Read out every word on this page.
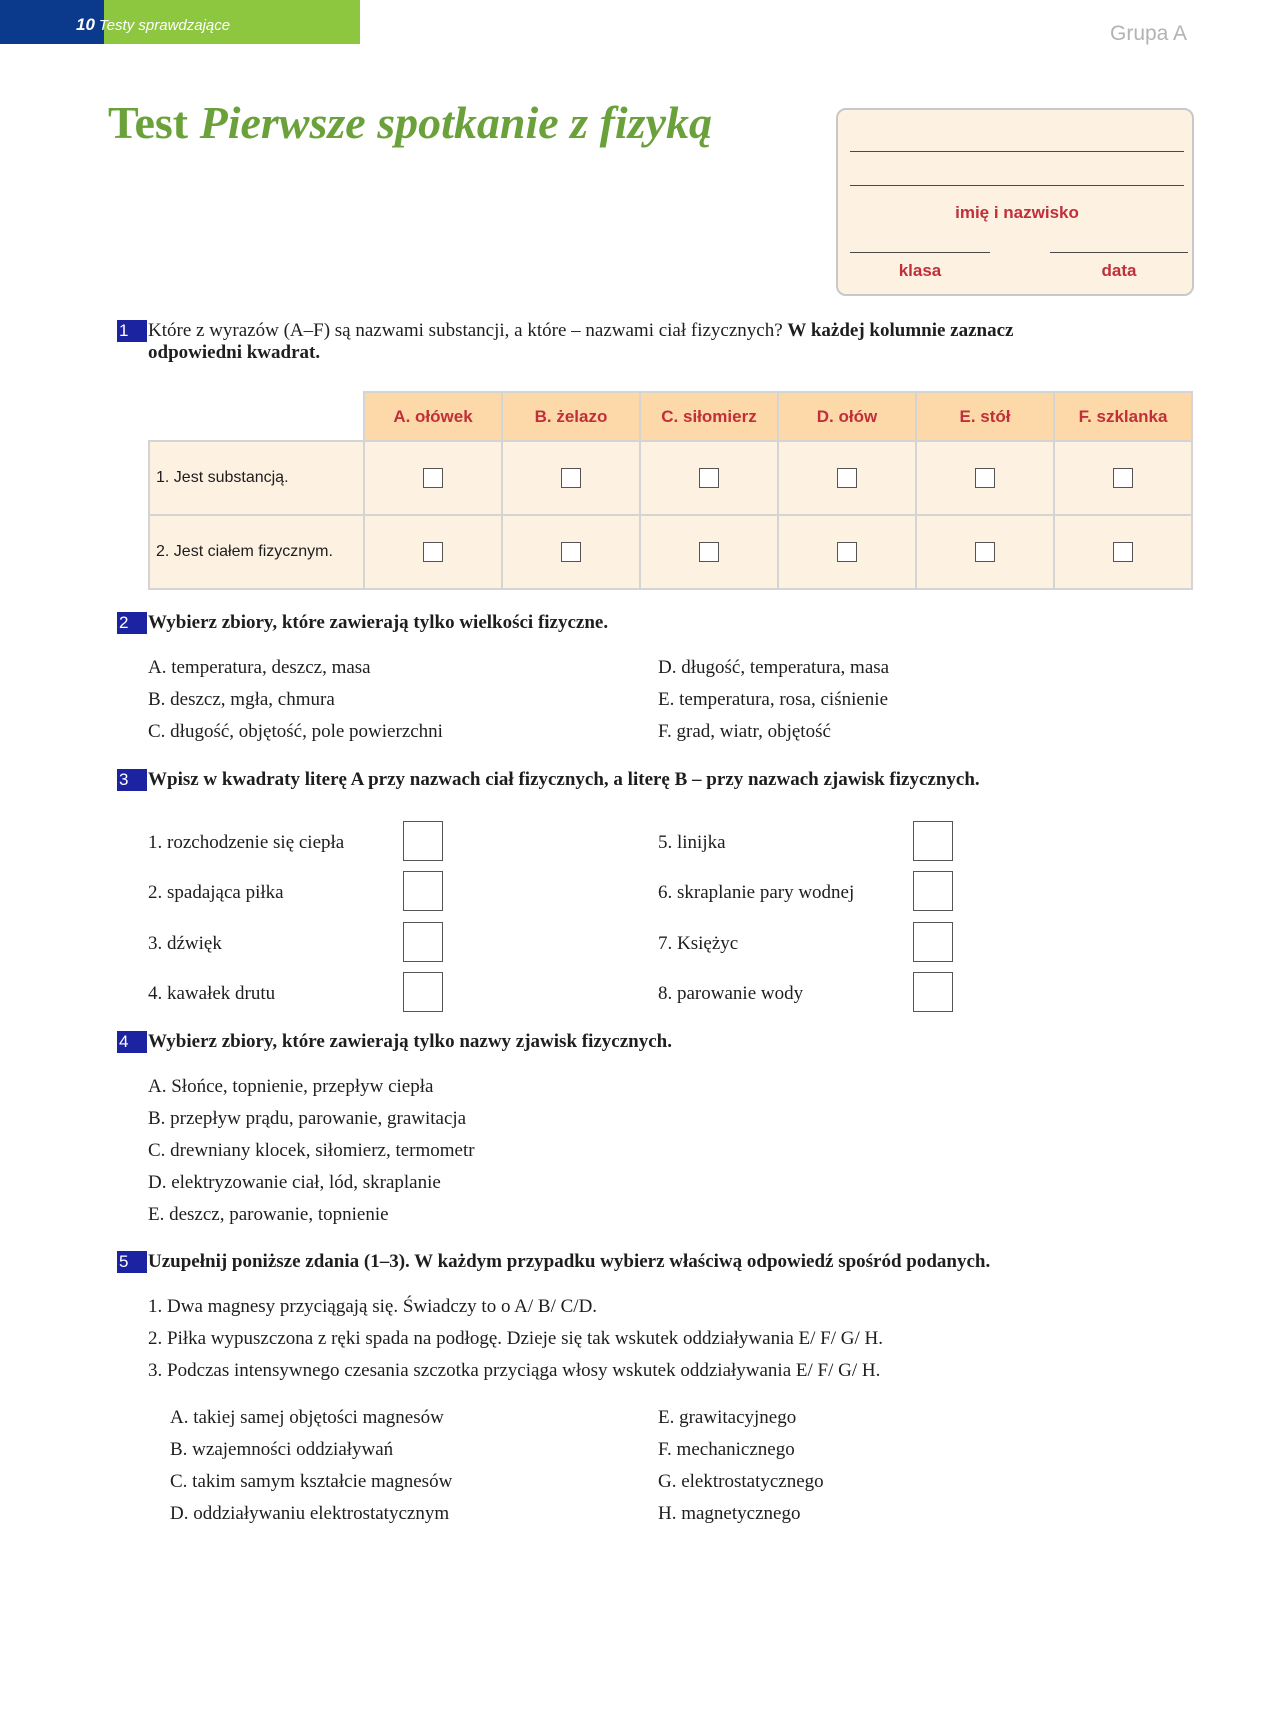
10 Testy sprawdzające	Grupa A
Test Pierwsze spotkanie z fizyką
imię i nazwisko
klasa	data
1	Które z wyrazów (A–F) są nazwami substancji, a które – nazwami ciał fizycznych? W każdej kolumnie zaznacz
odpowiedni kwadrat.
	A. ołówek	B. żelazo	C. siłomierz	D. ołów	E. stół	F. szklanka
1. Jest substancją.						
2. Jest ciałem fizycznym.						
2	Wybierz zbiory, które zawierają tylko wielkości fizyczne.
A. temperatura, deszcz, masa
B. deszcz, mgła, chmura
C. długość, objętość, pole powierzchni
D. długość, temperatura, masa
E. temperatura, rosa, ciśnienie
F. grad, wiatr, objętość
3	Wpisz w kwadraty literę A przy nazwach ciał fizycznych, a literę B – przy nazwach zjawisk fizycznych.
1. rozchodzenie się ciepła
2. spadająca piłka
3. dźwięk
4. kawałek drutu
5. linijka
6. skraplanie pary wodnej
7. Księżyc
8. parowanie wody
4	Wybierz zbiory, które zawierają tylko nazwy zjawisk fizycznych.
A. Słońce, topnienie, przepływ ciepła
B. przepływ prądu, parowanie, grawitacja
C. drewniany klocek, siłomierz, termometr
D. elektryzowanie ciał, lód, skraplanie
E. deszcz, parowanie, topnienie
5	Uzupełnij poniższe zdania (1–3). W każdym przypadku wybierz właściwą odpowiedź spośród podanych.
1. Dwa magnesy przyciągają się. Świadczy to o A/ B/ C/D.
2. Piłka wypuszczona z ręki spada na podłogę. Dzieje się tak wskutek oddziaływania E/ F/ G/ H.
3. Podczas intensywnego czesania szczotka przyciąga włosy wskutek oddziaływania E/ F/ G/ H.
A. takiej samej objętości magnesów
B. wzajemności oddziaływań
C. takim samym kształcie magnesów
D. oddziaływaniu elektrostatycznym
E. grawitacyjnego
F. mechanicznego
G. elektrostatycznego
H. magnetycznego
